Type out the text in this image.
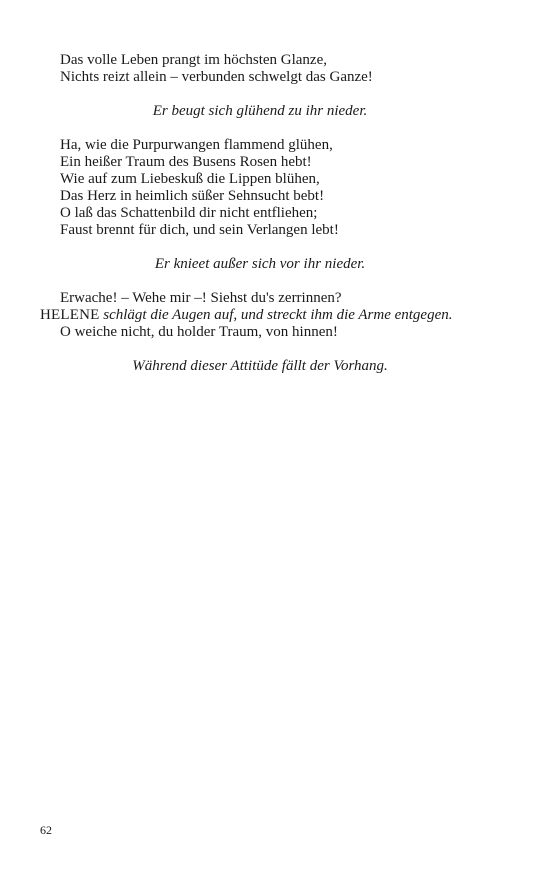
Das volle Leben prangt im höchsten Glanze,
Nichts reizt allein – verbunden schwelgt das Ganze!
Er beugt sich glühend zu ihr nieder.
Ha, wie die Purpurwangen flammend glühen,
Ein heißer Traum des Busens Rosen hebt!
Wie auf zum Liebeskuß die Lippen blühen,
Das Herz in heimlich süßer Sehnsucht bebt!
O laß das Schattenbild dir nicht entfliehen;
Faust brennt für dich, und sein Verlangen lebt!
Er knieet außer sich vor ihr nieder.
Erwache! – Wehe mir –! Siehst du's zerrinnen?
HELENE schlägt die Augen auf, und streckt ihm die Arme entgegen.
O weiche nicht, du holder Traum, von hinnen!
Während dieser Attitüde fällt der Vorhang.
62
